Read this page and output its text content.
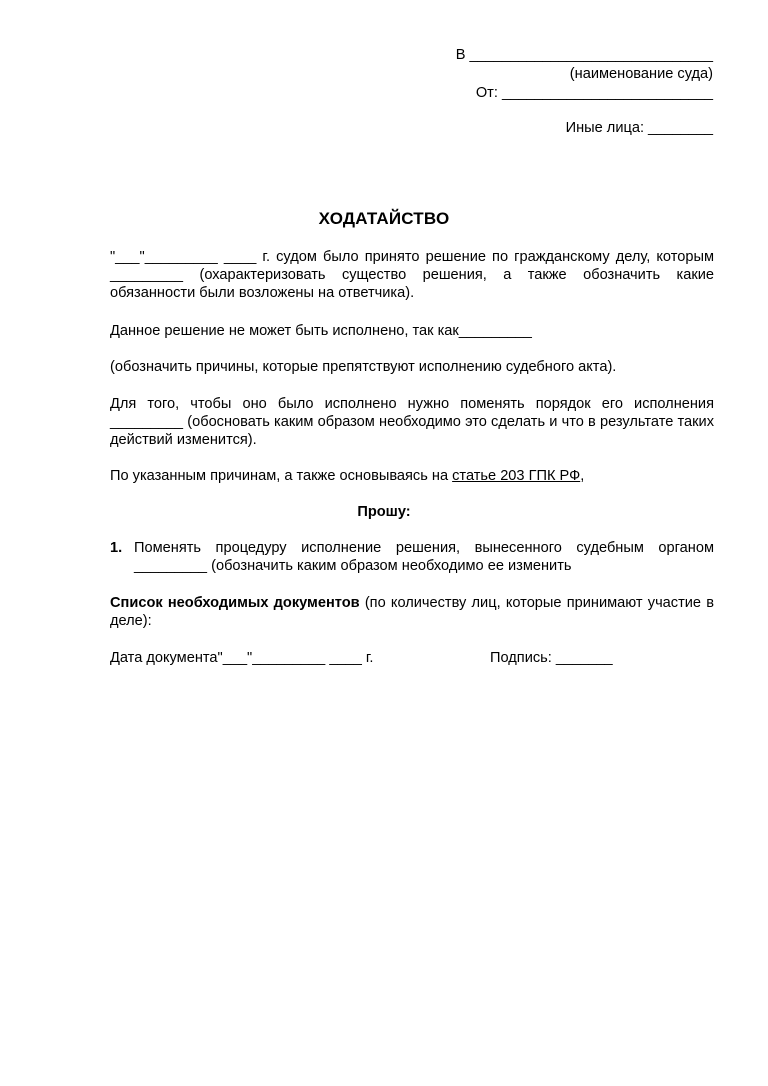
В ______________________________
(наименование суда)
От: __________________________
Иные лица: ________
ХОДАТАЙСТВО
"___"_________ ____ г. судом было принято решение по гражданскому делу, которым _________ (охарактеризовать существо решения, а также обозначить какие обязанности были возложены на ответчика).
Данное решение не может быть исполнено, так как_________
(обозначить причины, которые препятствуют исполнению судебного акта).
Для того, чтобы оно было исполнено нужно поменять порядок его исполнения _________ (обосновать каким образом необходимо это сделать и что в результате таких действий изменится).
По указанным причинам, а также основываясь на статье 203 ГПК РФ,
Прошу:
1. Поменять процедуру исполнение решения, вынесенного судебным органом _________ (обозначить каким образом необходимо ее изменить
Список необходимых документов (по количеству лиц, которые принимают участие в деле):
Дата документа"___"_________ ____ г.	Подпись: _______
